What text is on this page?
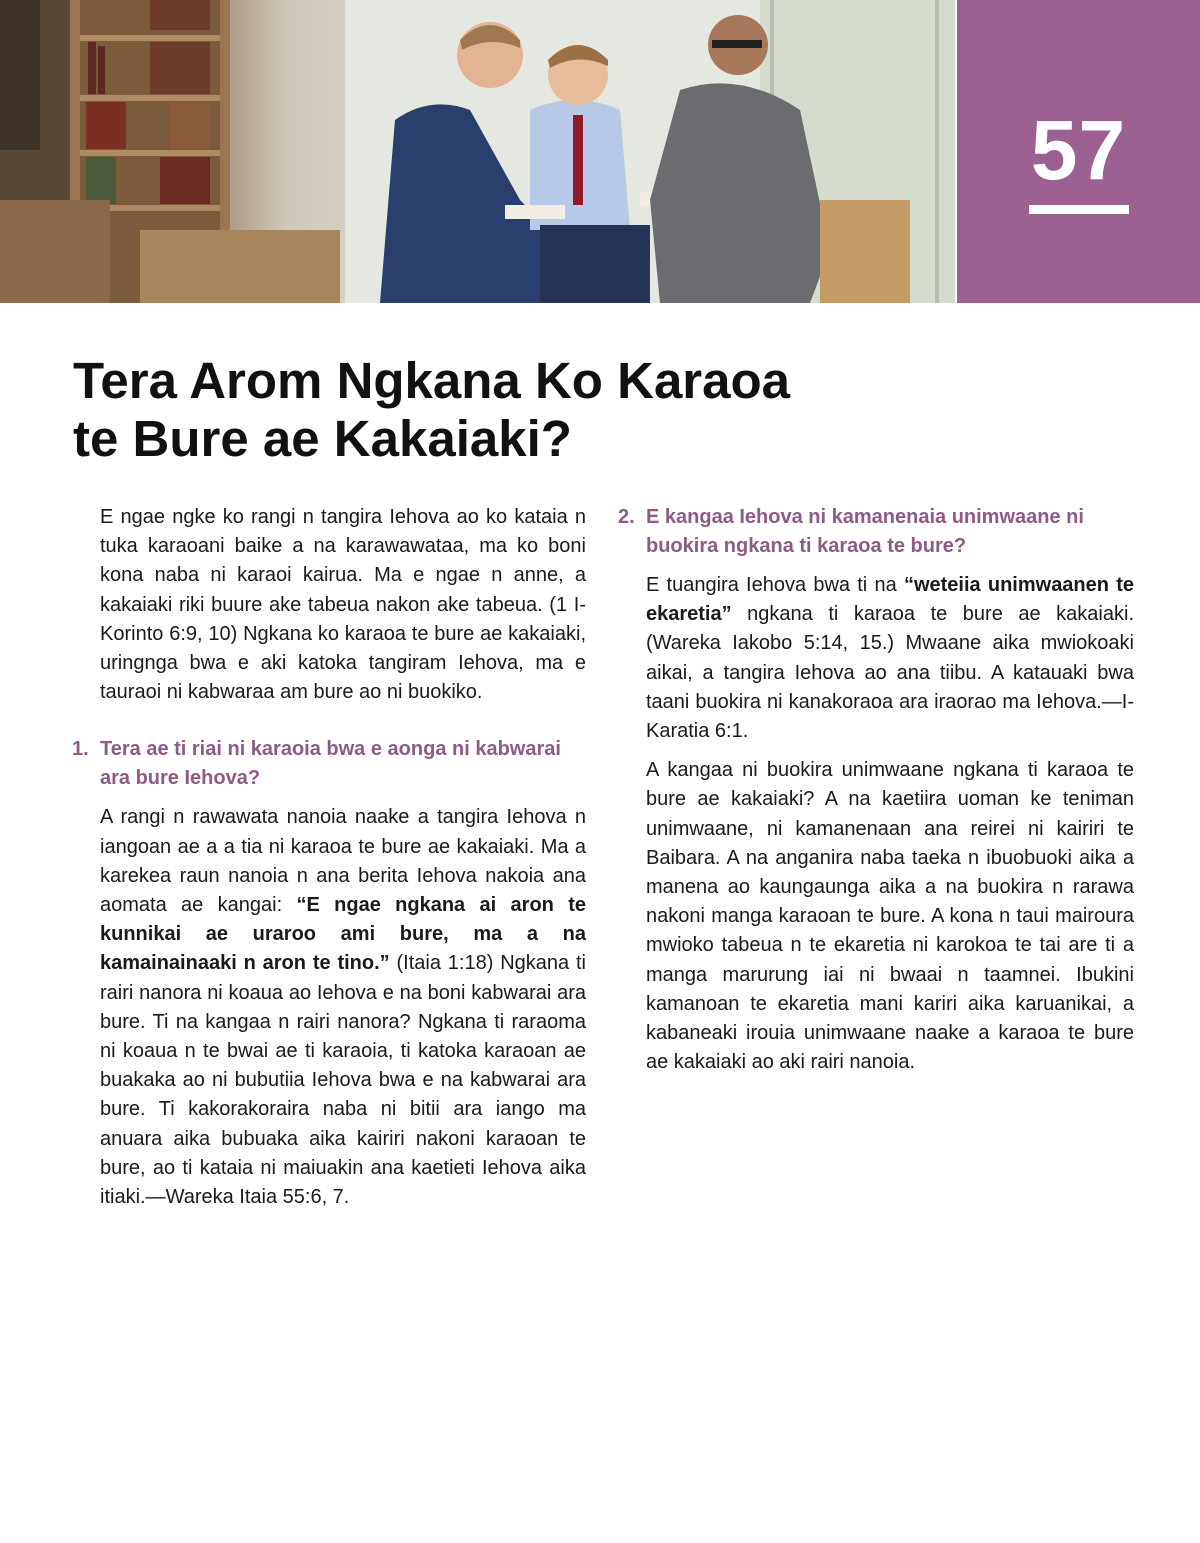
57
Tera Arom Ngkana Ko Karaoa
te Bure ae Kakaiaki?

E ngae ngke ko rangi n tangira Iehova ao ko kataia n tuka karaoani baike a na karawawataa, ma ko boni kona naba ni karaoi kairua. Ma e ngae n anne, a kakaiaki riki buure ake tabeua nakon ake tabeua. (1 I-Korinto 6:9, 10) Ngkana ko karaoa te bure ae kakaiaki, uringnga bwa e aki katoka tangiram Iehova, ma e tauraoi ni kabwaraa am bure ao ni buokiko.

1. Tera ae ti riai ni karaoia bwa e aonga ni kabwarai ara bure Iehova?

A rangi n rawawata nanoia naake a tangira Iehova n iangoan ae a a tia ni karaoa te bure ae kakaiaki. Ma a karekea raun nanoia n ana berita Iehova nakoia ana aomata ae kangai: “E ngae ngkana ai aron te kunnikai ae uraroo ami bure, ma a na kamainainaaki n aron te tino.” (Itaia 1:18) Ngkana ti rairi nanora ni koaua ao Iehova e na boni kabwarai ara bure. Ti na kangaa n rairi nanora? Ngkana ti raraoma ni koaua n te bwai ae ti karaoia, ti katoka karaoan ae buakaka ao ni bubutiia Iehova bwa e na kabwarai ara bure. Ti kakorakoraira naba ni bitii ara iango ma anuara aika bubuaka aika kairiri nakoni karaoan te bure, ao ti kataia ni maiuakin ana kaetieti Iehova aika itiaki.—Wareka Itaia 55:6, 7.

2. E kangaa Iehova ni kamanenaia unimwaane ni buokira ngkana ti karaoa te bure?

E tuangira Iehova bwa ti na “weteiia unimwaanen te ekaretia” ngkana ti karaoa te bure ae kakaiaki. (Wareka Iakobo 5:14, 15.) Mwaane aika mwiokoaki aikai, a tangira Iehova ao ana tiibu. A katauaki bwa taani buokira ni kanakoraoa ara iraorao ma Iehova.—I-Karatia 6:1.

A kangaa ni buokira unimwaane ngkana ti karaoa te bure ae kakaiaki? A na kaetiira uoman ke teniman unimwaane, ni kamanenaan ana reirei ni kairiri te Baibara. A na anganira naba taeka n ibuobuoki aika a manena ao kaungaunga aika a na buokira n rarawa nakoni manga karaoan te bure. A kona n taui mairoura mwioko tabeua n te ekaretia ni karokoa te tai are ti a manga marurung iai ni bwaai n taamnei. Ibukini kamanoan te ekaretia mani kariri aika karuanikai, a kabaneaki irouia unimwaane naake a karaoa te bure ae kakaiaki ao aki rairi nanoia.
